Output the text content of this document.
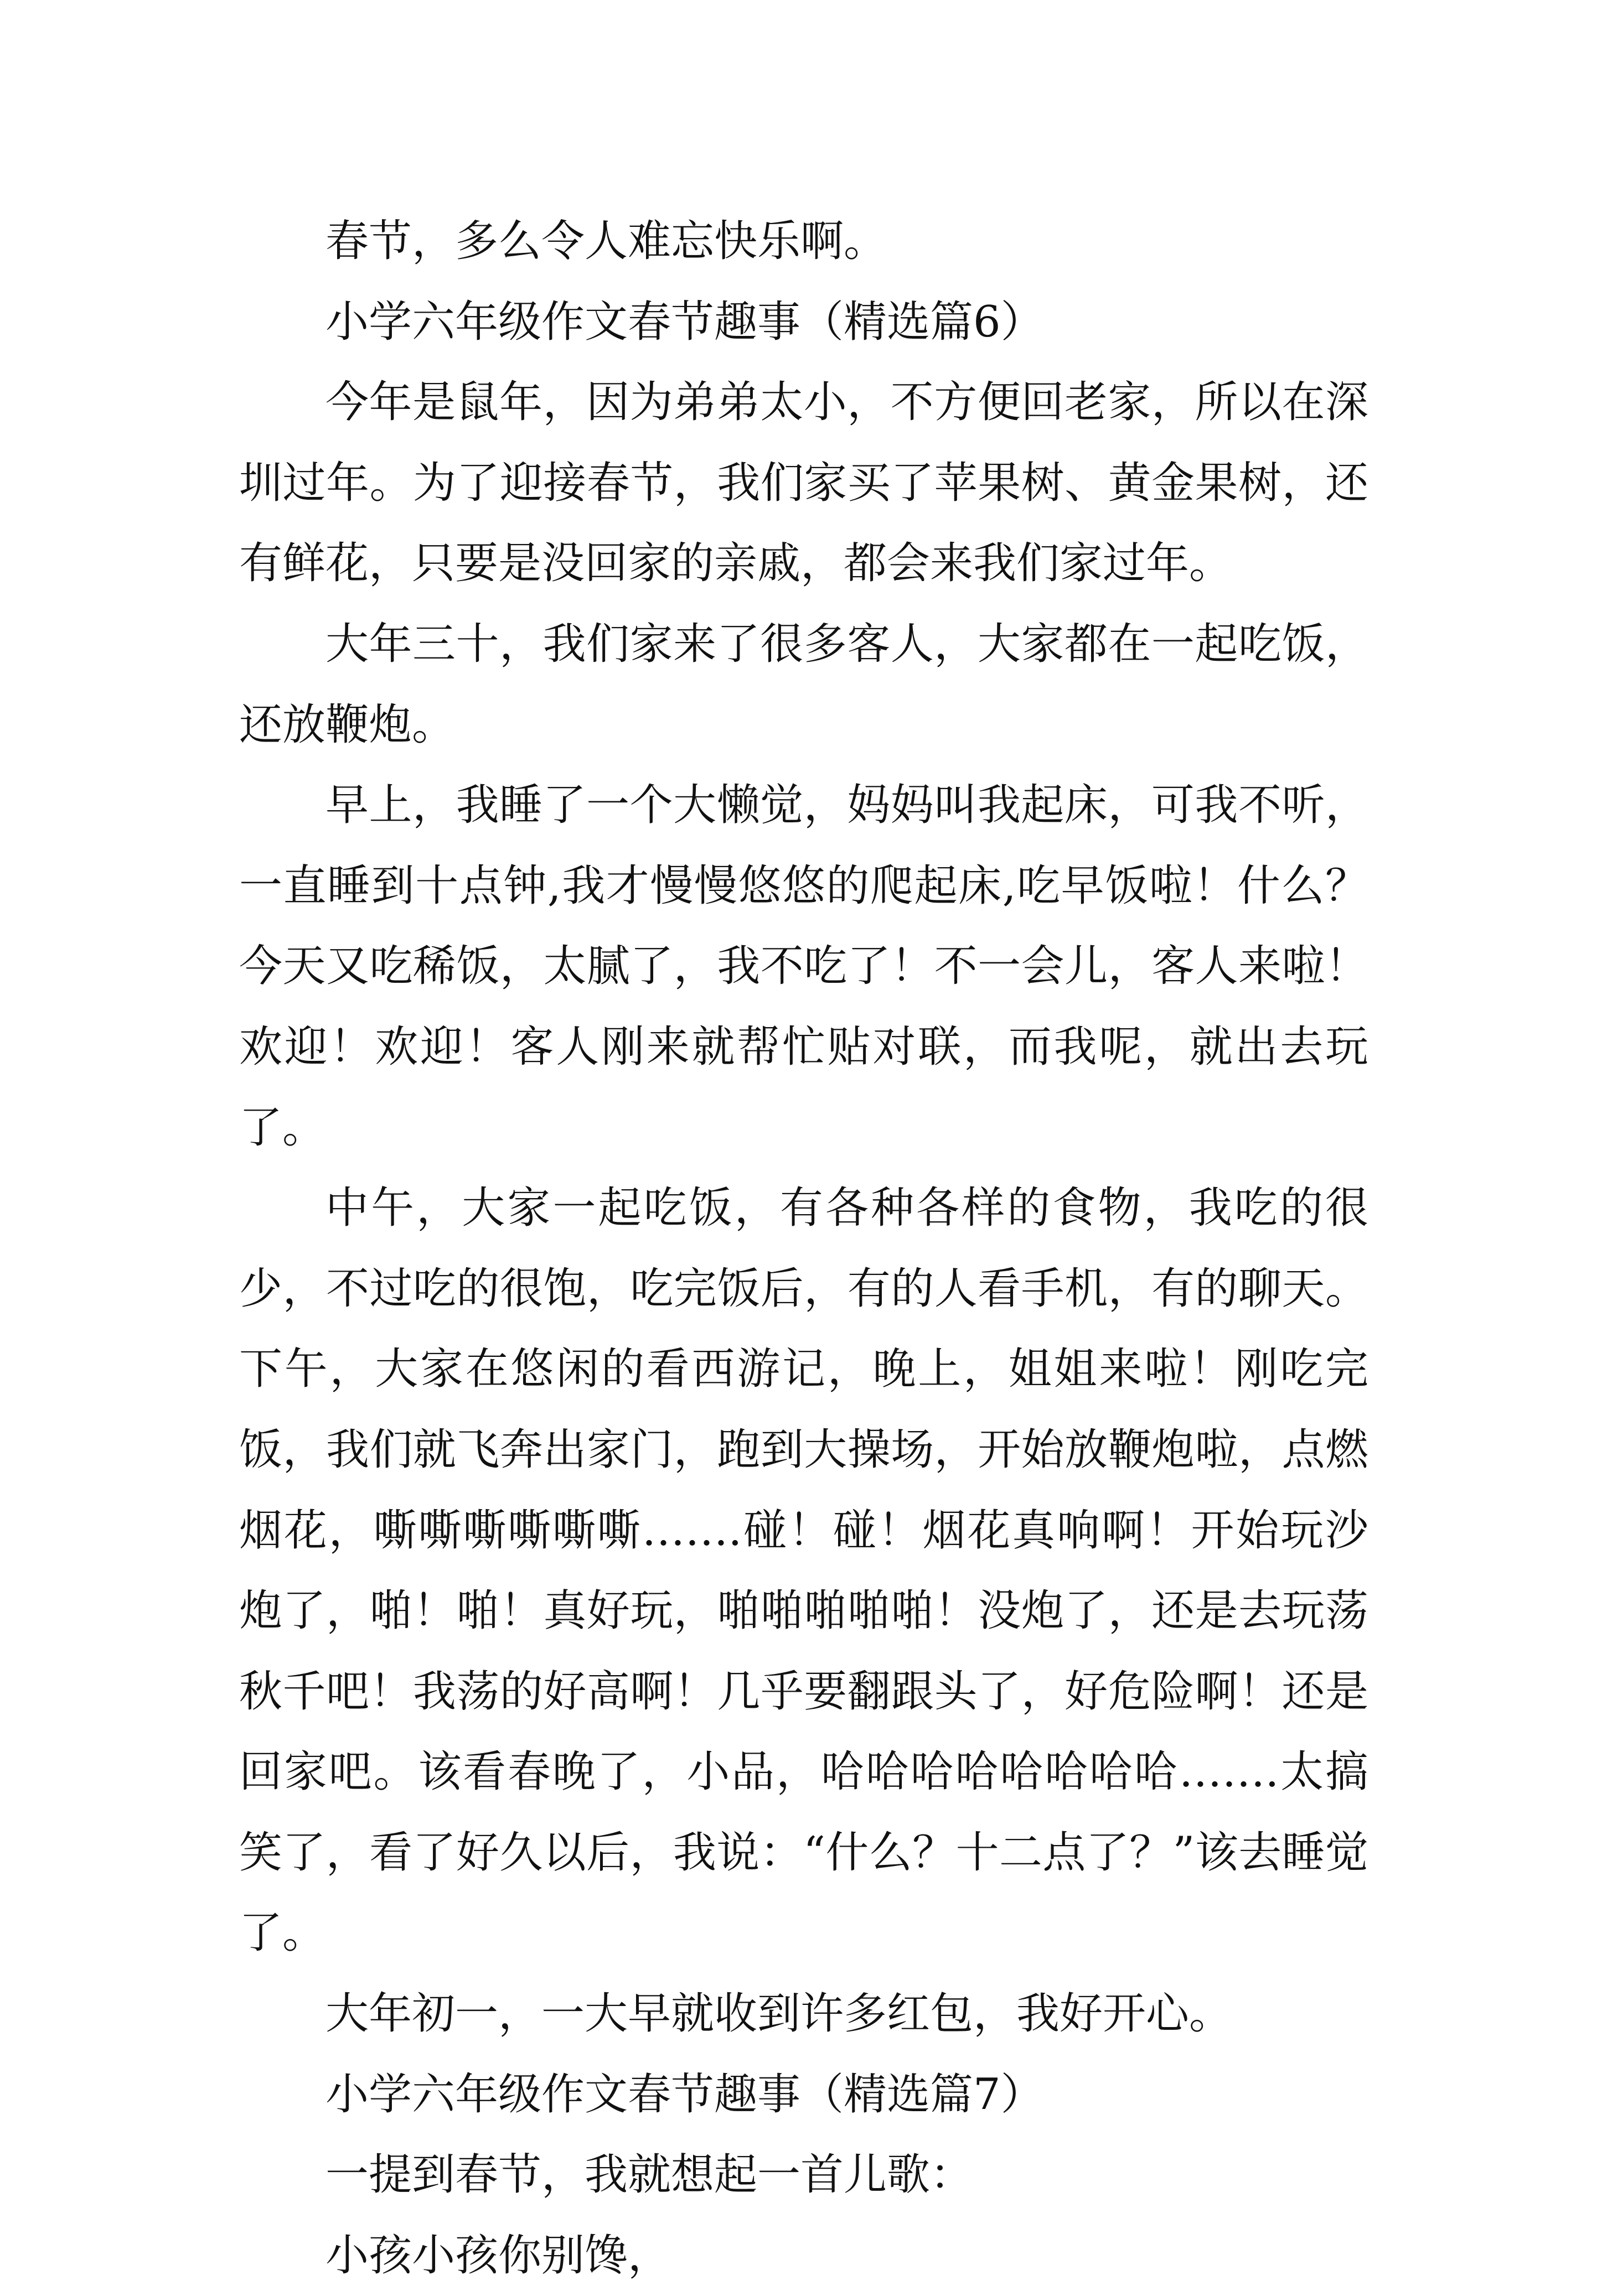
春节，多么令人难忘快乐啊。

小学六年级作文春节趣事（精选篇6）

今年是鼠年，因为弟弟太小，不方便回老家，所以在深圳过年。为了迎接春节，我们家买了苹果树、黄金果树，还有鲜花，只要是没回家的亲戚，都会来我们家过年。

大年三十，我们家来了很多客人，大家都在一起吃饭，还放鞭炮。

早上，我睡了一个大懒觉，妈妈叫我起床，可我不听，一直睡到十点钟,我才慢慢悠悠的爬起床,吃早饭啦！什么？今天又吃稀饭，太腻了，我不吃了！不一会儿，客人来啦！欢迎！欢迎！客人刚来就帮忙贴对联，而我呢，就出去玩了。

中午，大家一起吃饭，有各种各样的食物，我吃的很少，不过吃的很饱，吃完饭后，有的人看手机，有的聊天。下午，大家在悠闲的看西游记，晚上，姐姐来啦！刚吃完饭，我们就飞奔出家门，跑到大操场，开始放鞭炮啦，点燃烟花，嘶嘶嘶嘶嘶嘶…….碰！碰！烟花真响啊！开始玩沙炮了，啪！啪！真好玩，啪啪啪啪啪！没炮了，还是去玩荡秋千吧！我荡的好高啊！几乎要翻跟头了，好危险啊！还是回家吧。该看春晚了，小品，哈哈哈哈哈哈哈哈…….太搞笑了，看了好久以后，我说：“什么？十二点了？”该去睡觉了。

大年初一，一大早就收到许多红包，我好开心。

小学六年级作文春节趣事（精选篇7）

一提到春节，我就想起一首儿歌：

小孩小孩你别馋，
